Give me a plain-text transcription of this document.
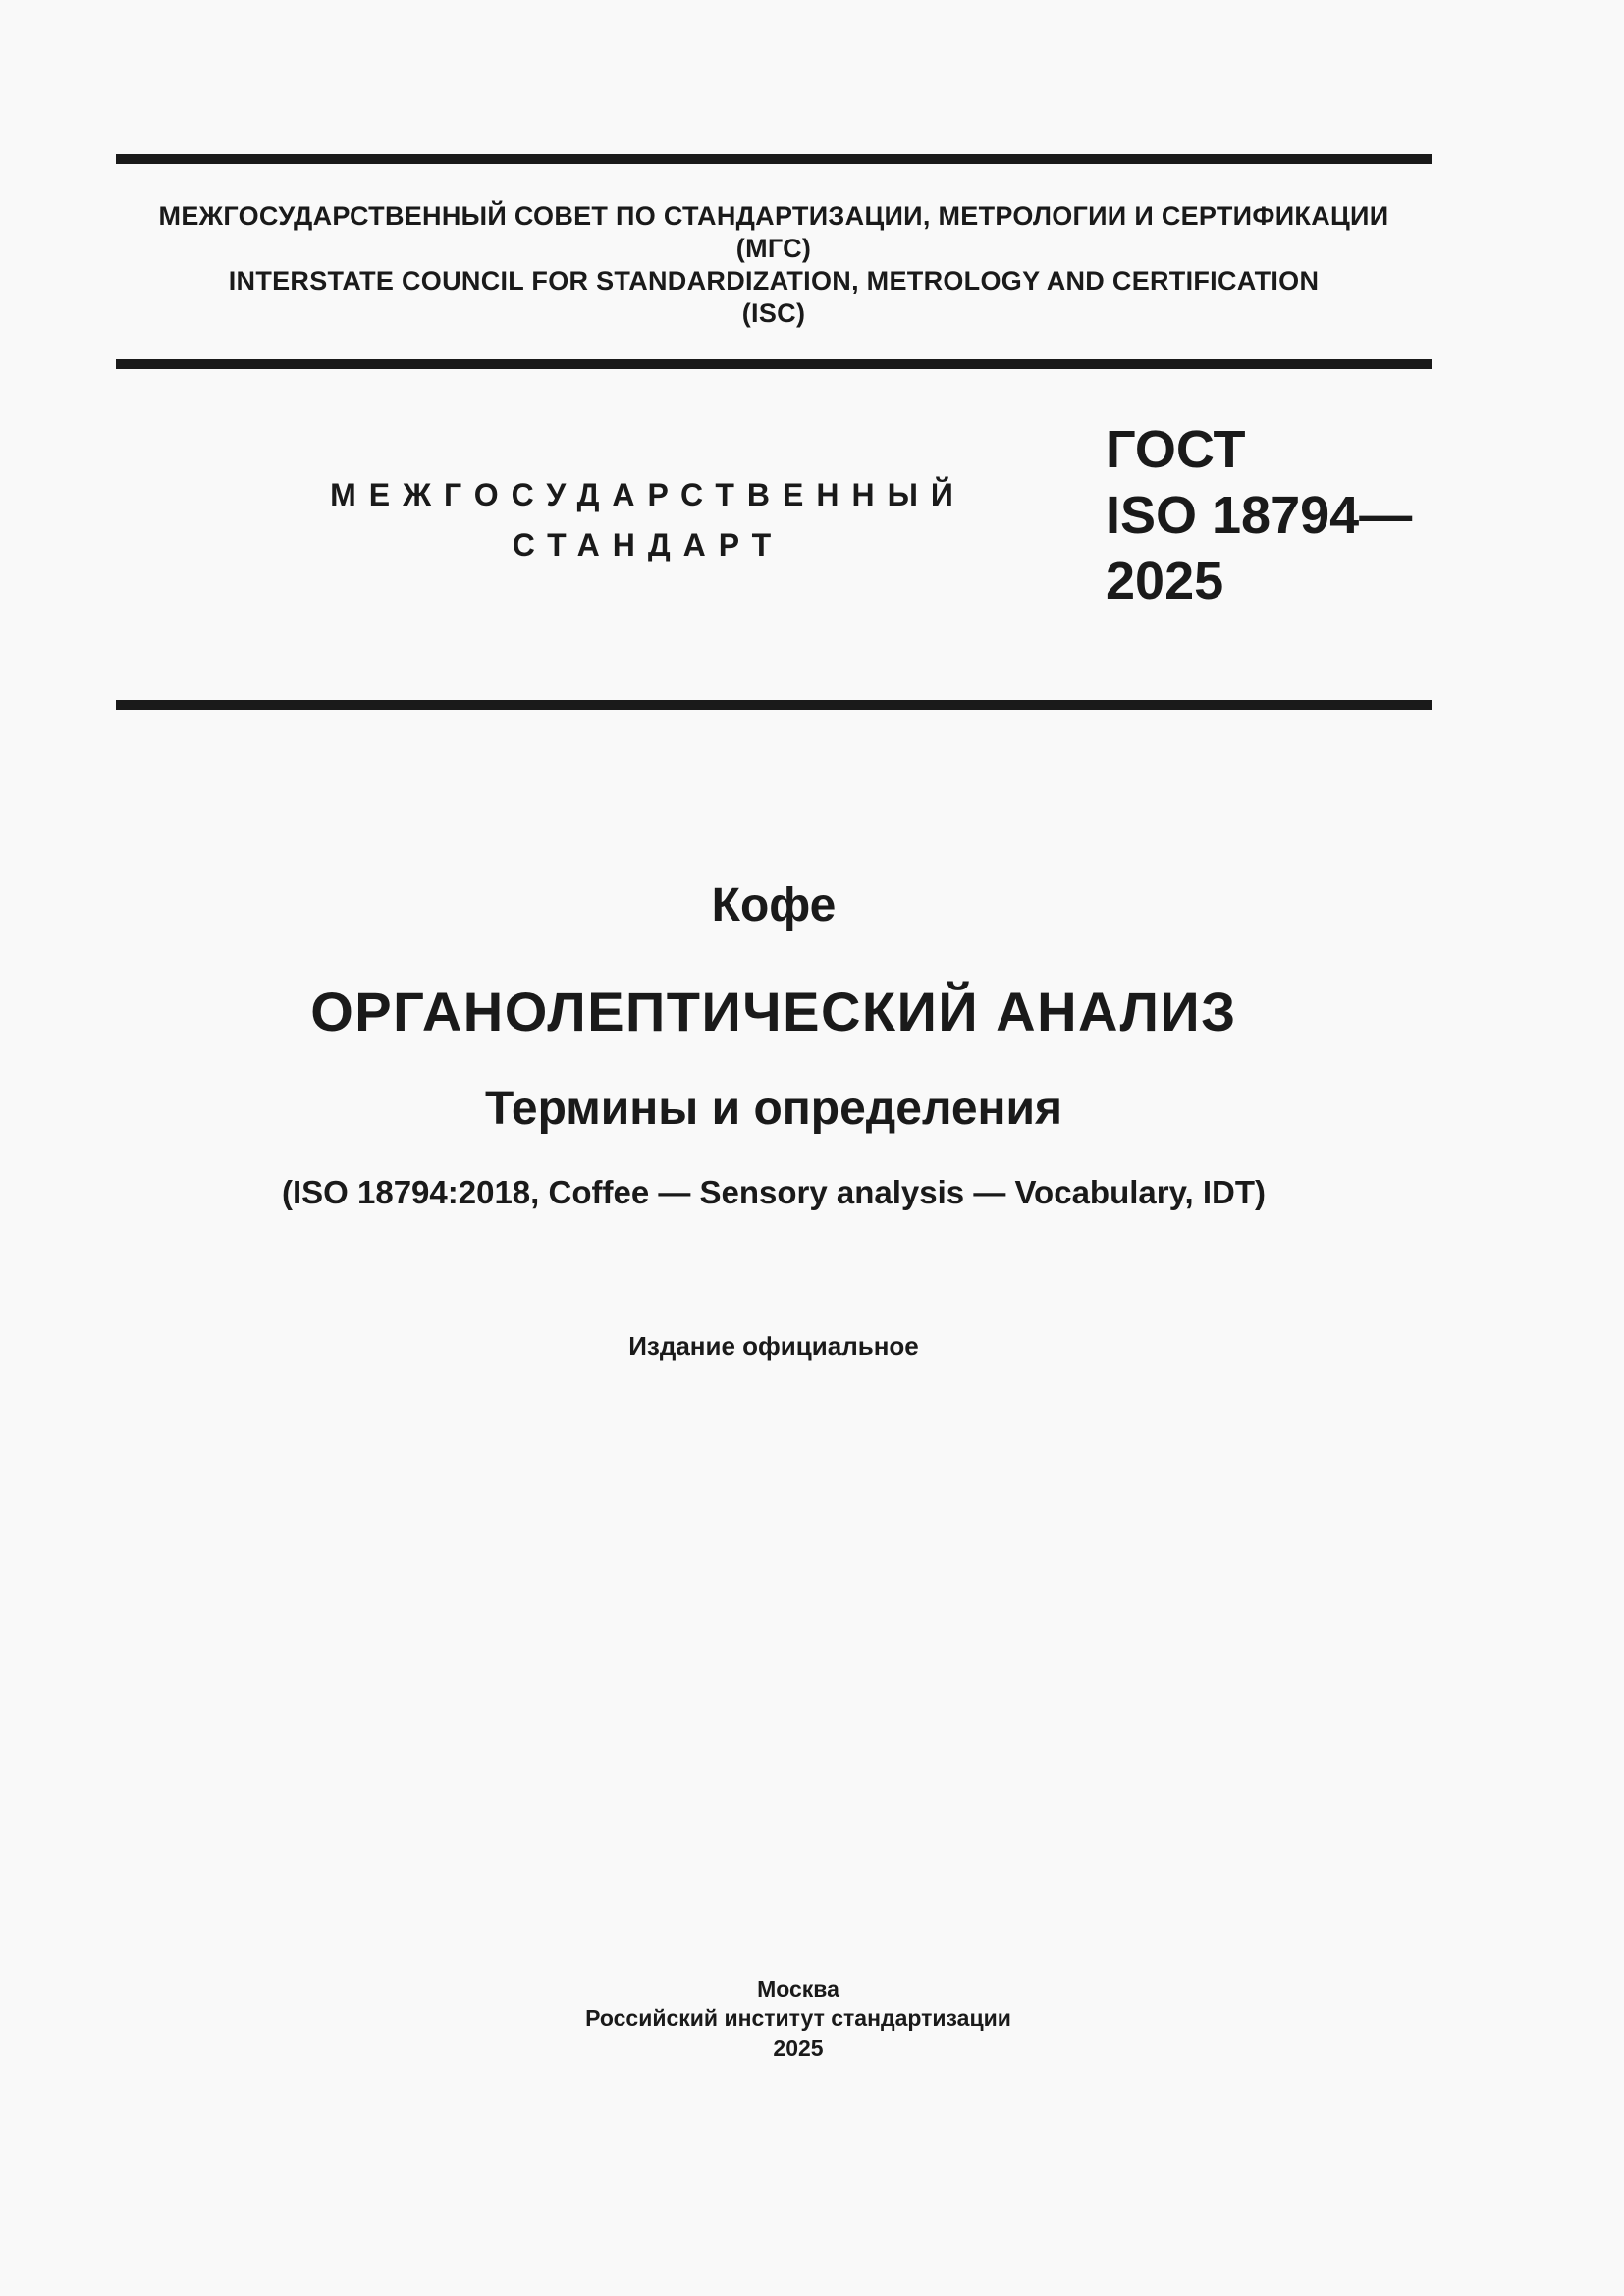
МЕЖГОСУДАРСТВЕННЫЙ СОВЕТ ПО СТАНДАРТИЗАЦИИ, МЕТРОЛОГИИ И СЕРТИФИКАЦИИ
(МГС)
INTERSTATE COUNCIL FOR STANDARDIZATION, METROLOGY AND CERTIFICATION
(ISC)
МЕЖГОСУДАРСТВЕННЫЙ
СТАНДАРТ
ГОСТ
ISO 18794—
2025
Кофе
ОРГАНОЛЕПТИЧЕСКИЙ АНАЛИЗ
Термины и определения
(ISO 18794:2018, Coffee — Sensory analysis — Vocabulary, IDT)
Издание официальное
Москва
Российский институт стандартизации
2025
